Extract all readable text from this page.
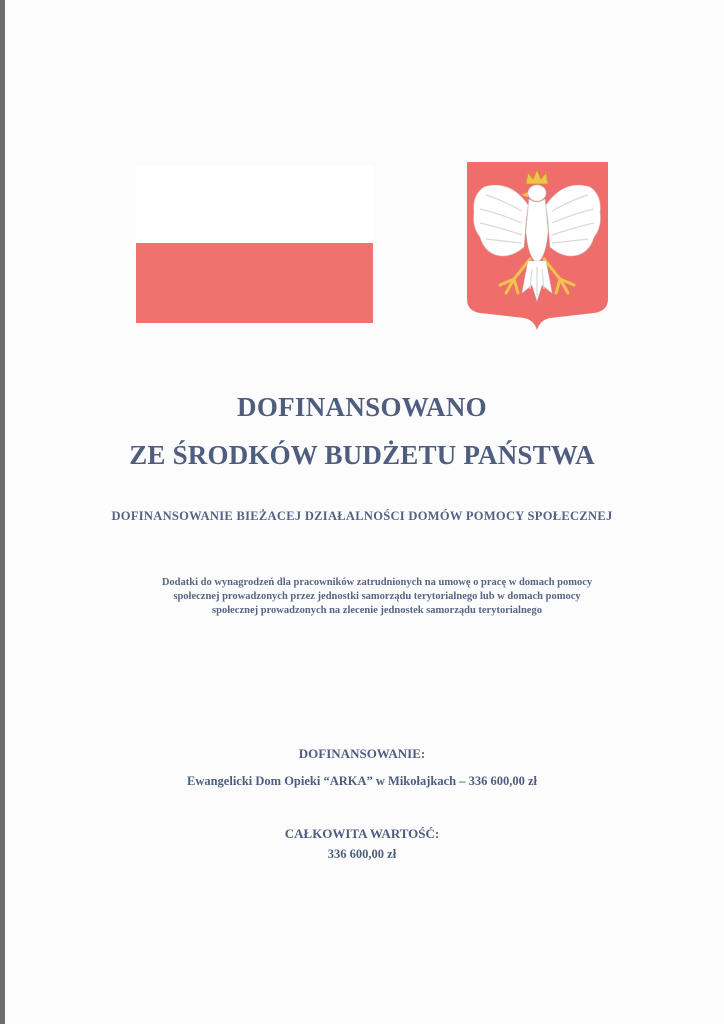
DOFINANSOWANO
ZE ŚRODKÓW BUDŻETU PAŃSTWA
DOFINANSOWANIE BIEŻACEJ DZIAŁALNOŚCI DOMÓW POMOCY SPOŁECZNEJ
Dodatki do wynagrodzeń dla pracowników zatrudnionych na umowę o pracę w domach pomocy
społecznej prowadzonych przez jednostki samorządu terytorialnego lub w domach pomocy
społecznej prowadzonych na zlecenie jednostek samorządu terytorialnego
DOFINANSOWANIE:
Ewangelicki Dom Opieki “ARKA” w Mikołajkach – 336 600,00 zł
CAŁKOWITA WARTOŚĆ:
336 600,00 zł
